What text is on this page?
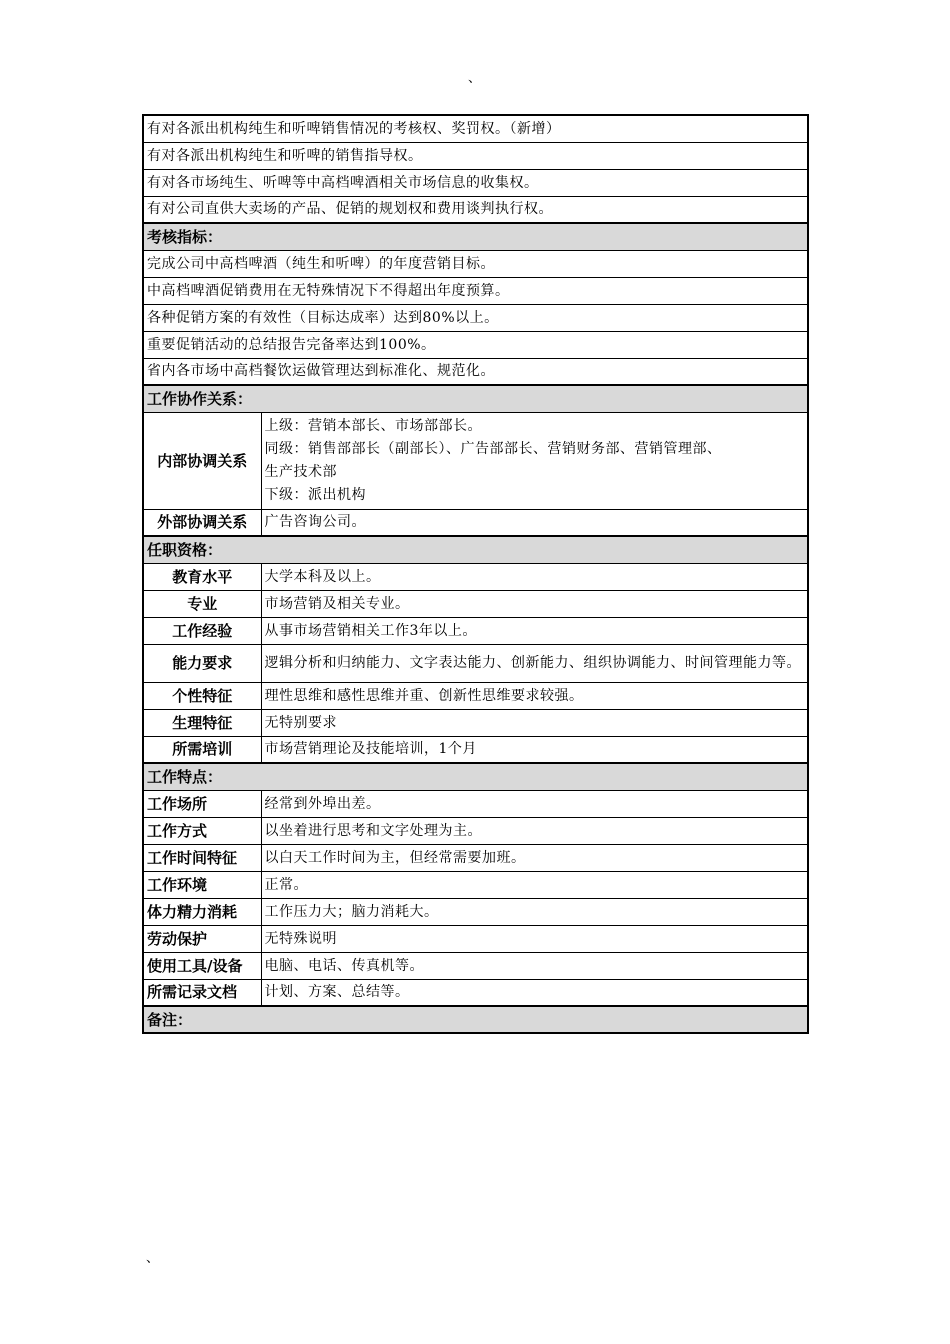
、
有对各派出机构纯生和听啤销售情况的考核权、奖罚权。（新增）	
有对各派出机构纯生和听啤的销售指导权。	
有对各市场纯生、听啤等中高档啤酒相关市场信息的收集权。	
有对公司直供大卖场的产品、促销的规划权和费用谈判执行权。	
考核指标：	
完成公司中高档啤酒（纯生和听啤）的年度营销目标。	
中高档啤酒促销费用在无特殊情况下不得超出年度预算。	
各种促销方案的有效性（目标达成率）达到80%以上。	
重要促销活动的总结报告完备率达到100%。	
省内各市场中高档餐饮运做管理达到标准化、规范化。	
工作协作关系：	
内部协调关系	上级：营销本部长、市场部部长。
同级：销售部部长（副部长）、广告部部长、营销财务部、营销管理部、
生产技术部
下级：派出机构

外部协调关系	广告咨询公司。
任职资格：	
教育水平	大学本科及以上。
专业	市场营销及相关专业。
工作经验	从事市场营销相关工作3年以上。
能力要求	逻辑分析和归纳能力、文字表达能力、创新能力、组织协调能力、时间管理能力等。
个性特征	理性思维和感性思维并重、创新性思维要求较强。
生理特征	无特别要求
所需培训	市场营销理论及技能培训，1个月
工作特点：	
工作场所	经常到外埠出差。
工作方式	以坐着进行思考和文字处理为主。
工作时间特征	以白天工作时间为主，但经常需要加班。
工作环境	正常。
体力精力消耗	工作压力大；脑力消耗大。
劳动保护	无特殊说明
使用工具/设备	电脑、电话、传真机等。
所需记录文档	计划、方案、总结等。
备注：	
、
